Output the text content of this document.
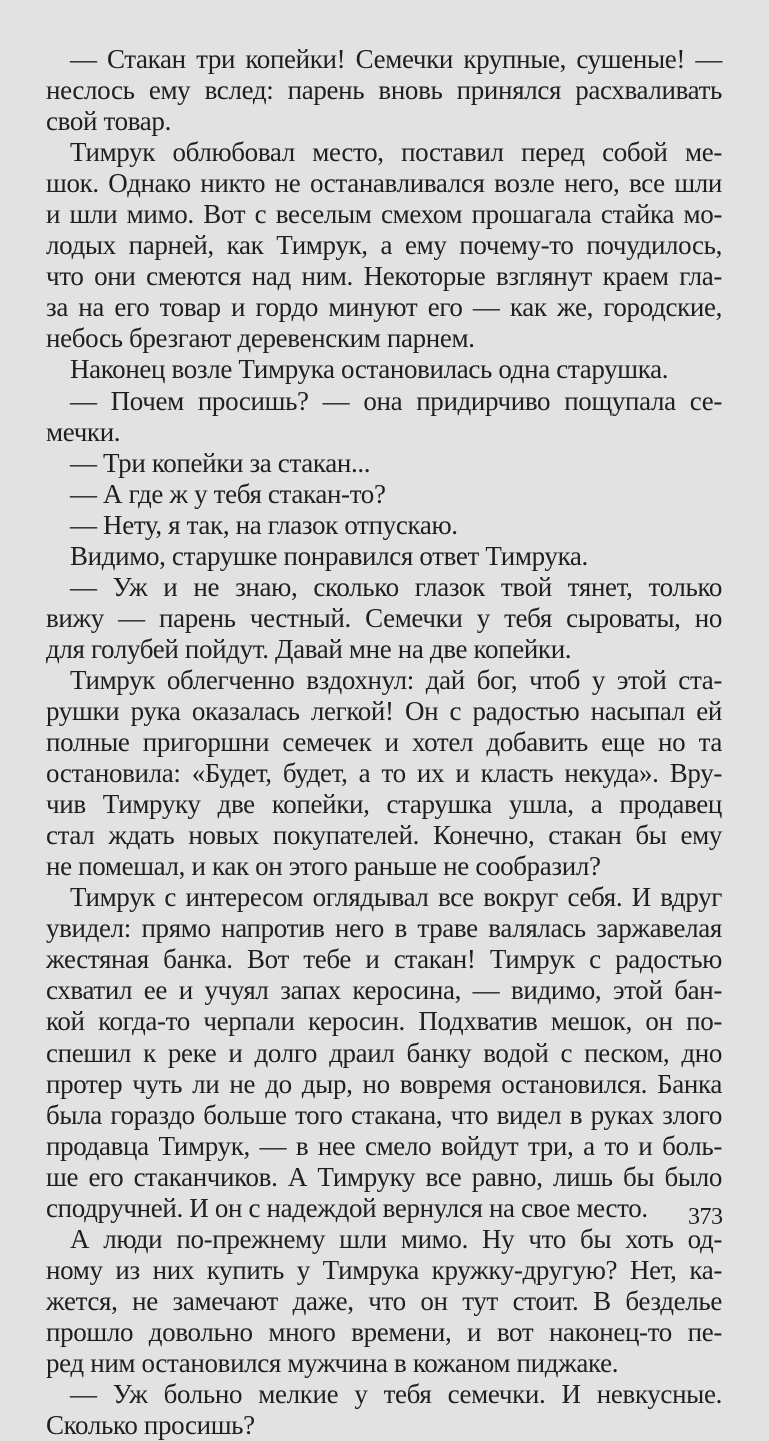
— Стакан три копейки! Семечки крупные, сушеные! —
неслось ему вслед: парень вновь принялся расхваливать
свой товар.
Тимрук облюбовал место, поставил перед собой ме-
шок. Однако никто не останавливался возле него, все шли
и шли мимо. Вот с веселым смехом прошагала стайка мо-
лодых парней, как Тимрук, а ему почему-то почудилось,
что они смеются над ним. Некоторые взглянут краем гла-
за на его товар и гордо минуют его — как же, городские,
небось брезгают деревенским парнем.
Наконец возле Тимрука остановилась одна старушка.
— Почем просишь? — она придирчиво пощупала се-
мечки.
— Три копейки за стакан...
— А где ж у тебя стакан-то?
— Нету, я так, на глазок отпускаю.
Видимо, старушке понравился ответ Тимрука.
— Уж и не знаю, сколько глазок твой тянет, только
вижу — парень честный. Семечки у тебя сыроваты, но
для голубей пойдут. Давай мне на две копейки.
Тимрук облегченно вздохнул: дай бог, чтоб у этой ста-
рушки рука оказалась легкой! Он с радостью насыпал ей
полные пригоршни семечек и хотел добавить еще но та
остановила: «Будет, будет, а то их и класть некуда». Вру-
чив Тимруку две копейки, старушка ушла, а продавец
стал ждать новых покупателей. Конечно, стакан бы ему
не помешал, и как он этого раньше не сообразил?
Тимрук с интересом оглядывал все вокруг себя. И вдруг
увидел: прямо напротив него в траве валялась заржавелая
жестяная банка. Вот тебе и стакан! Тимрук с радостью
схватил ее и учуял запах керосина, — видимо, этой бан-
кой когда-то черпали керосин. Подхватив мешок, он по-
спешил к реке и долго драил банку водой с песком, дно
протер чуть ли не до дыр, но вовремя остановился. Банка
была гораздо больше того стакана, что видел в руках злого
продавца Тимрук, — в нее смело войдут три, а то и боль-
ше его стаканчиков. А Тимруку все равно, лишь бы было
сподручней. И он с надеждой вернулся на свое место.
А люди по-прежнему шли мимо. Ну что бы хоть од-
ному из них купить у Тимрука кружку-другую? Нет, ка-
жется, не замечают даже, что он тут стоит. В безделье
прошло довольно много времени, и вот наконец-то пе-
ред ним остановился мужчина в кожаном пиджаке.
— Уж больно мелкие у тебя семечки. И невкусные.
Сколько просишь?
373
